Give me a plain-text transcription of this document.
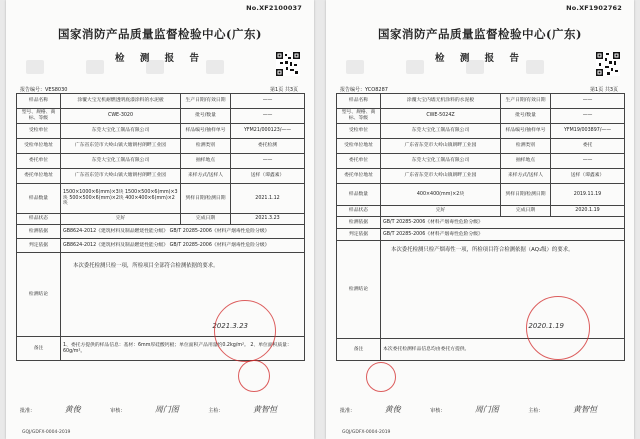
No.XF2100037
国家消防产品质量监督检验中心(广东)
检 测 报 告
报告编号：VES8030	第1页 共3页
样品名称	涂覆大宝无机耐燃透明底漆涂料的水泥板	生产日期/有效日期	——
型号、规格、商标、等级	CWE-3020	批号/数量	——
受检单位	东莞大宝化工制品有限公司	样品编号/抽样单号	YFM21/000123/——
受检单位地址	广东省东莞市大岭山镇大塘朗村朗畔工业园	检测类别	委托检测
委托单位	东莞大宝化工制品有限公司	抽样地点	——
委托单位地址	广东省东莞市大岭山镇大塘朗村朗畔工业园	来样方式/送样人	送样（谭鑫素）
样品数量	1500×1000×6(mm)×3块 1500×500×6(mm)×3块 500×500×6(mm)×2块 400×400×6(mm)×2块	到样日期/检测日期	2021.1.12
样品状态	完好	完成日期	2021.3.23
检测依据	GB8624-2012《建筑材料及制品燃烧性能分级》 GB/T 20285-2006《材料产烟毒性危险分级》		
判定依据	GB8624-2012《建筑材料及制品燃烧性能分级》 GB/T 20285-2006《材料产烟毒性危险分级》		
检测结论	本次委托检测只检一项，所检项目全部符合检测依据的要求。
2021.3.23		

备注	1、委托方提供的样品信息：基材：6mm厚硅酸钙板；单位面积产品用量约0.2kg/m²。 2、单位面积质量：60g/m²。		
批准：	黄俊	审核：	周门图	主检：	黄智恒
GQJ/GDFX-0004-2019
No.XF1902762
国家消防产品质量监督检验中心(广东)
检 测 报 告
报告编号：YCO8287	第1页 共3页
样品名称	涂覆大宝内墙无机涂料的水泥板	生产日期/有效日期	——
型号、规格、商标、等级	CWE-5024Z	批号/数量	——
受检单位	东莞大宝化工制品有限公司	样品编号/抽样单号	YFM19/003897/——
受检单位地址	广东省东莞市大岭山镇朗畔工业园	检测类别	委托
委托单位	东莞大宝化工制品有限公司	抽样地点	——
委托单位地址	广东省东莞市大岭山镇朗畔工业园	来样方式/送样人	送样（谭鑫素）
样品数量	400×400(mm)×2块	到样日期/检测日期	2019.11.19
样品状态	完好	完成日期	2020.1.19
检测依据	GB/T 20285-2006《材料产烟毒性危险分级》		
判定依据	GB/T 20285-2006《材料产烟毒性危险分级》		
检测结论	本次委托检测只检产烟毒性一项，所检项目符合检测依据（AQ₁级）的要求。
2020.1.19		

备注	本次委托检测样品信息均由委托方提供。		
批准：	黄俊	审核：	周门图	主检：	黄智恒
GQJ/GDFX-0004-2019
